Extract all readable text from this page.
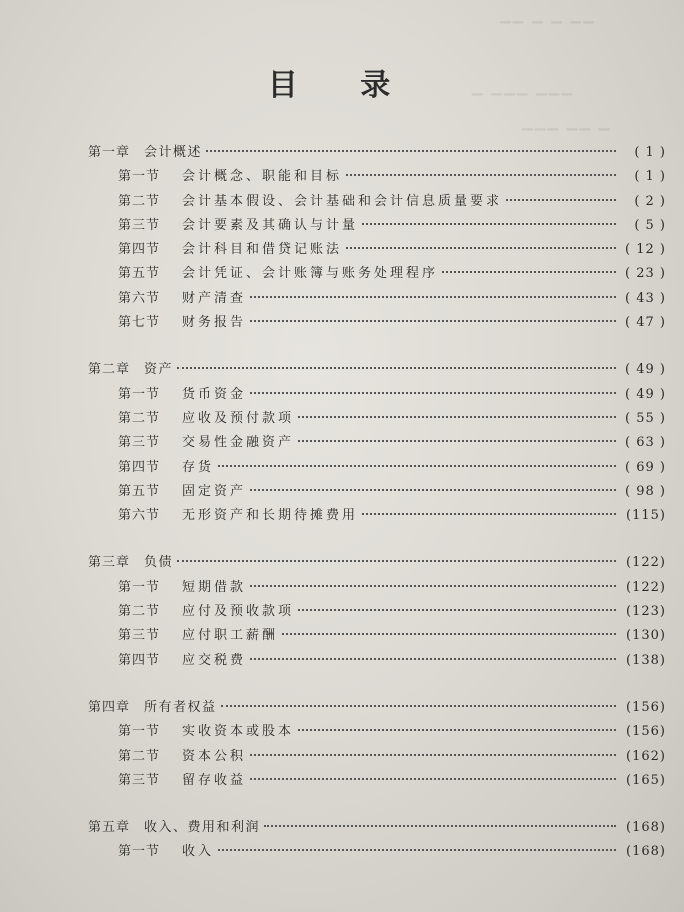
▁▁ ▁ ▁ ▁▁
▁▁▁ ▁▁▁ ▁
▁ ▁▁ ▁▁▁
目 录
第一章 会计概述	( 1 )
第一节 会计概念、职能和目标	( 1 )
第二节 会计基本假设、会计基础和会计信息质量要求	( 2 )
第三节 会计要素及其确认与计量	( 5 )
第四节 会计科目和借贷记账法	( 12 )
第五节 会计凭证、会计账簿与账务处理程序	( 23 )
第六节 财产清查	( 43 )
第七节 财务报告	( 47 )
第二章 资产	( 49 )
第一节 货币资金	( 49 )
第二节 应收及预付款项	( 55 )
第三节 交易性金融资产	( 63 )
第四节 存货	( 69 )
第五节 固定资产	( 98 )
第六节 无形资产和长期待摊费用	(115)
第三章 负债	(122)
第一节 短期借款	(122)
第二节 应付及预收款项	(123)
第三节 应付职工薪酬	(130)
第四节 应交税费	(138)
第四章 所有者权益	(156)
第一节 实收资本或股本	(156)
第二节 资本公积	(162)
第三节 留存收益	(165)
第五章 收入、费用和利润	(168)
第一节 收入	(168)
